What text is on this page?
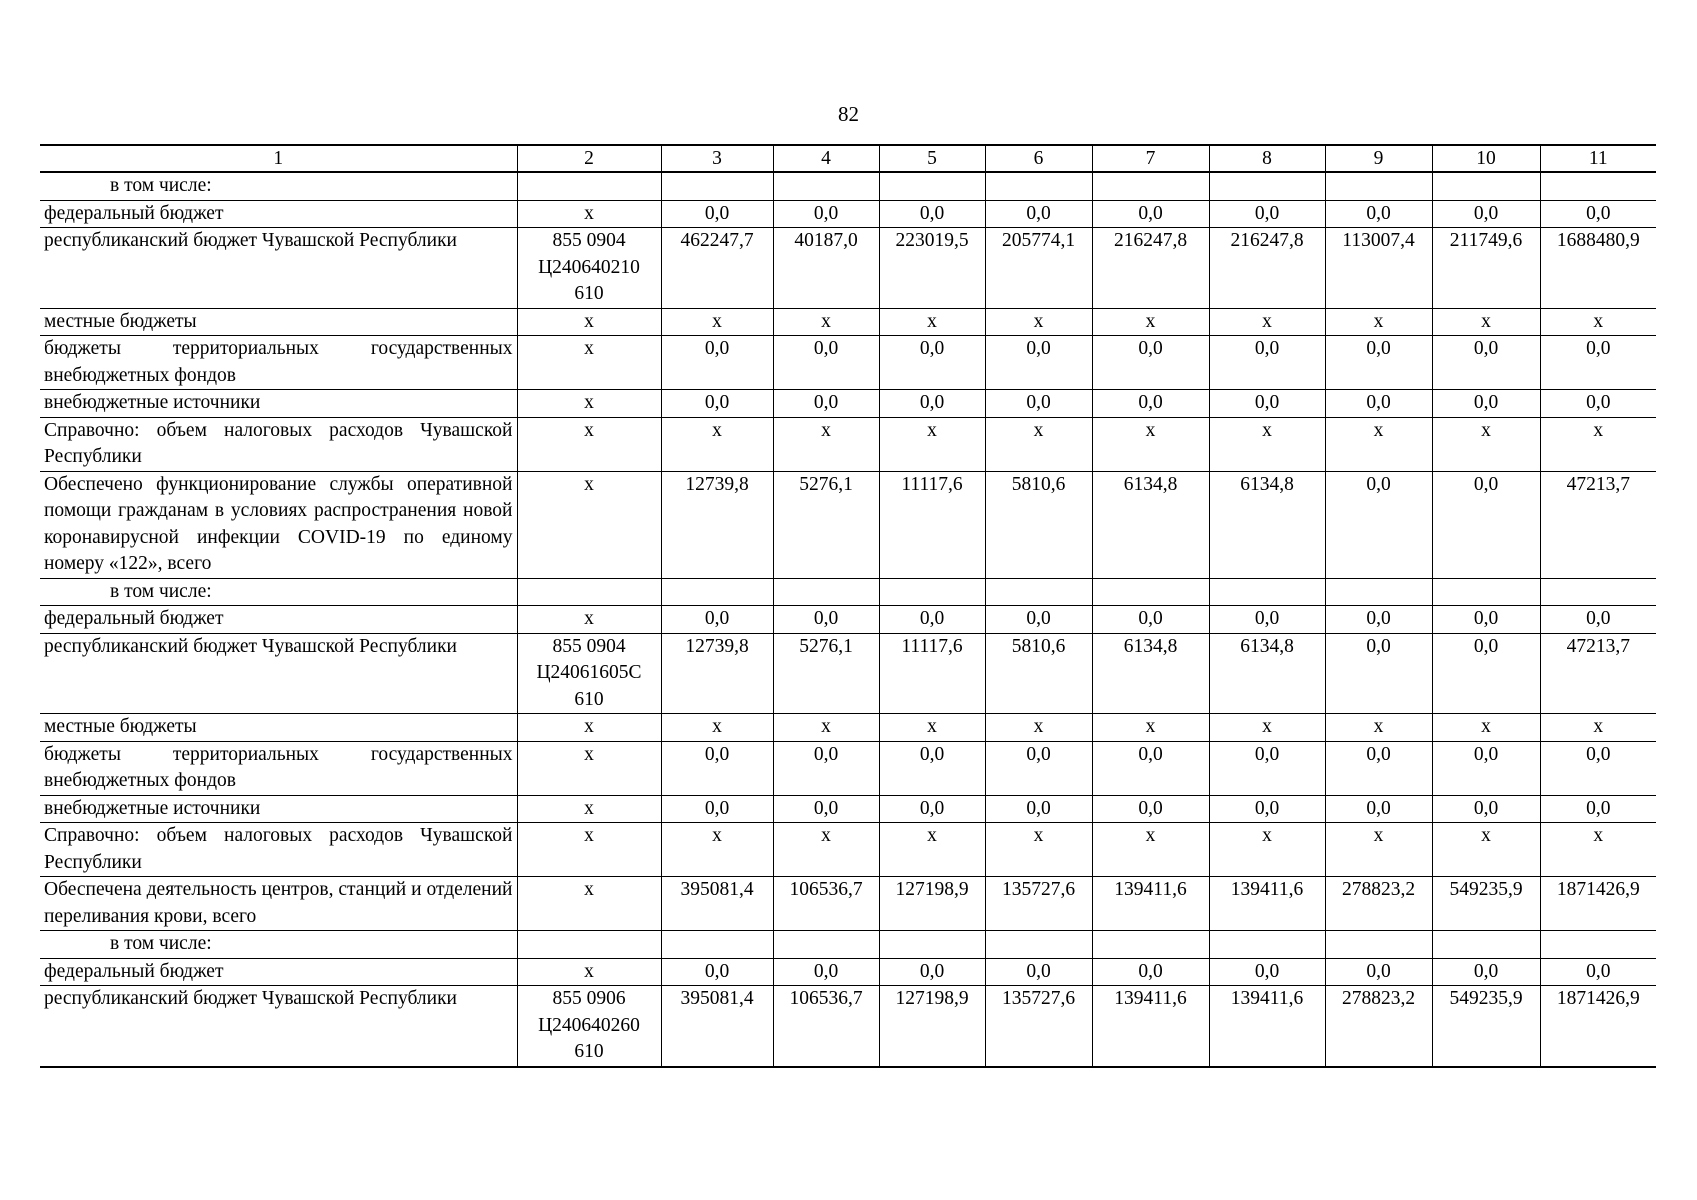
82
1	2	3	4	5	6	7	8	9	10	11
в том числе:										
федеральный бюджет	х	0,0	0,0	0,0	0,0	0,0	0,0	0,0	0,0	0,0
республиканский бюджет Чувашской Республики	855 0904 Ц240640210 610	462247,7	40187,0	223019,5	205774,1	216247,8	216247,8	113007,4	211749,6	1688480,9
местные бюджеты	х	х	х	х	х	х	х	х	х	х
бюджеты территориальных государственных внебюджетных фондов	х	0,0	0,0	0,0	0,0	0,0	0,0	0,0	0,0	0,0
внебюджетные источники	х	0,0	0,0	0,0	0,0	0,0	0,0	0,0	0,0	0,0
Справочно: объем налоговых расходов Чувашской Республики	х	х	х	х	х	х	х	х	х	х
Обеспечено функционирование службы оперативной помощи гражданам в условиях распространения новой коронавирусной инфекции COVID-19 по единому номеру «122», всего	х	12739,8	5276,1	11117,6	5810,6	6134,8	6134,8	0,0	0,0	47213,7
в том числе:										
федеральный бюджет	х	0,0	0,0	0,0	0,0	0,0	0,0	0,0	0,0	0,0
республиканский бюджет Чувашской Республики	855 0904 Ц24061605С 610	12739,8	5276,1	11117,6	5810,6	6134,8	6134,8	0,0	0,0	47213,7
местные бюджеты	х	х	х	х	х	х	х	х	х	х
бюджеты территориальных государственных внебюджетных фондов	х	0,0	0,0	0,0	0,0	0,0	0,0	0,0	0,0	0,0
внебюджетные источники	х	0,0	0,0	0,0	0,0	0,0	0,0	0,0	0,0	0,0
Справочно: объем налоговых расходов Чувашской Республики	х	х	х	х	х	х	х	х	х	х
Обеспечена деятельность центров, станций и отделений переливания крови, всего	х	395081,4	106536,7	127198,9	135727,6	139411,6	139411,6	278823,2	549235,9	1871426,9
в том числе:										
федеральный бюджет	х	0,0	0,0	0,0	0,0	0,0	0,0	0,0	0,0	0,0
республиканский бюджет Чувашской Республики	855 0906 Ц240640260 610	395081,4	106536,7	127198,9	135727,6	139411,6	139411,6	278823,2	549235,9	1871426,9
